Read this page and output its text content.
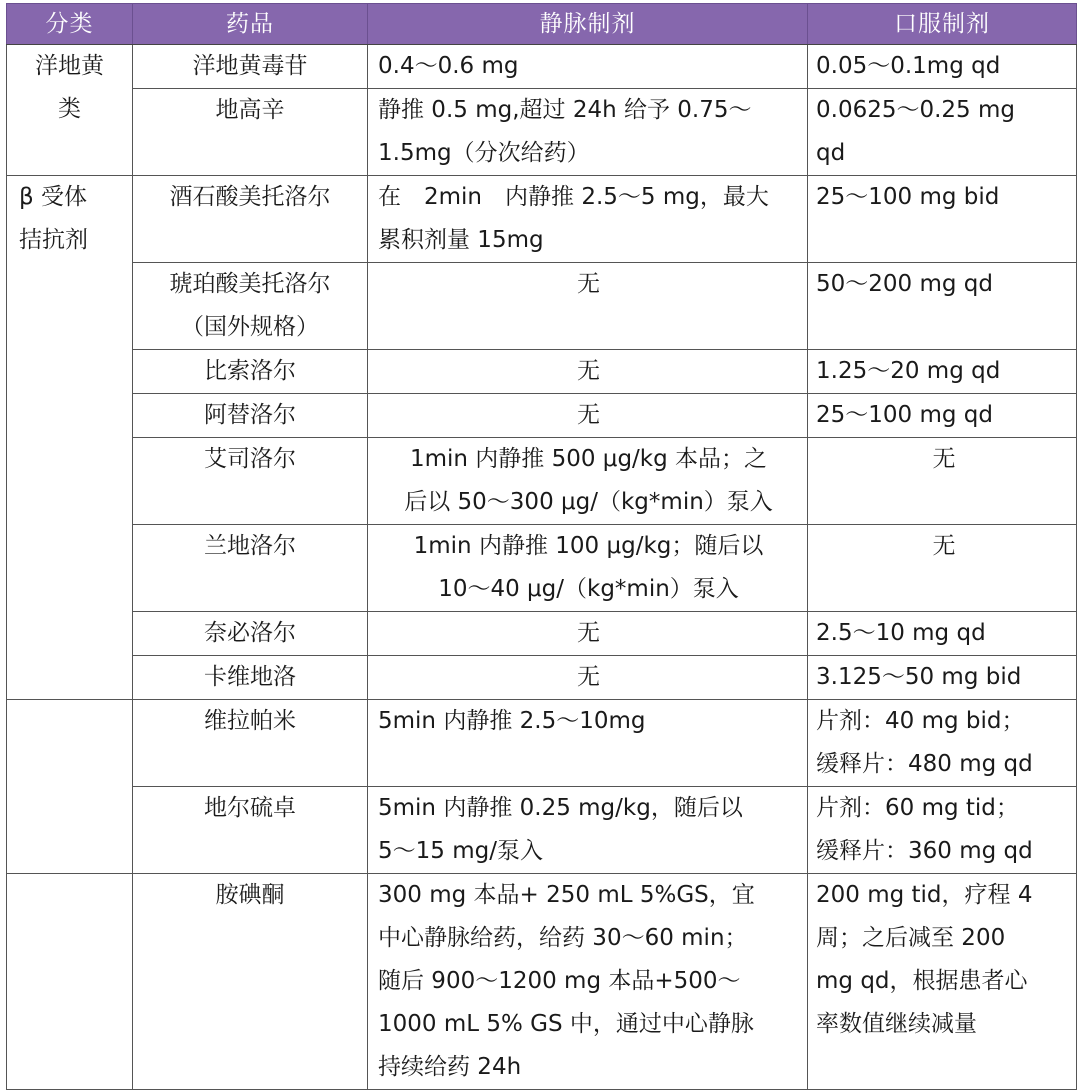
分类	药品	静脉制剂	口服制剂

洋地黄
类	洋地黄毒苷	0.4～0.6 mg	0.05～0.1mg qd

	地高辛	静推 0.5 mg,超过 24h 给予 0.75～
1.5mg（分次给药）	0.0625～0.25 mg
qd

β 受体
拮抗剂	酒石酸美托洛尔	在　2min　内静推 2.5～5 mg，最大
累积剂量 15mg	25～100 mg bid

	琥珀酸美托洛尔
（国外规格）	无	50～200 mg qd

	比索洛尔	无	1.25～20 mg qd

	阿替洛尔	无	25～100 mg qd

	艾司洛尔	1min 内静推 500 μg/kg 本品；之
后以 50～300 μg/（kg*min）泵入	无

	兰地洛尔	1min 内静推 100 μg/kg；随后以
10～40 μg/（kg*min）泵入	无

	奈必洛尔	无	2.5～10 mg qd

	卡维地洛	无	3.125～50 mg bid

	维拉帕米	5min 内静推 2.5～10mg	片剂：40 mg bid；
缓释片：480 mg qd

	地尔硫卓	5min 内静推 0.25 mg/kg，随后以
5～15 mg/泵入	片剂：60 mg tid；
缓释片：360 mg qd

	胺碘酮	300 mg 本品+ 250 mL 5%GS，宜
中心静脉给药，给药 30～60 min；
随后 900～1200 mg 本品+500～
1000 mL 5% GS 中，通过中心静脉
持续给药 24h	200 mg tid，疗程 4
周；之后减至 200
mg qd，根据患者心
率数值继续减量
